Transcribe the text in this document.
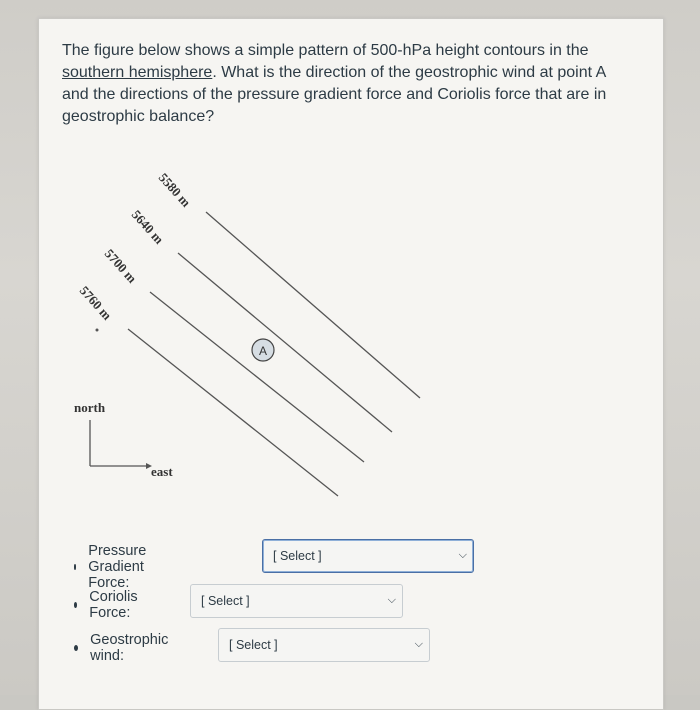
The figure below shows a simple pattern of 500-hPa height contours in the
southern hemisphere. What is the direction of the geostrophic wind at point A
and the directions of the pressure gradient force and Coriolis force that are in
geostrophic balance?
5580 m
5640 m
5700 m
5760 m
A
north
east
Pressure Gradient Force:
[ Select ]	⌵
Coriolis Force:
[ Select ]	⌵
Geostrophic wind:
[ Select ]	⌵
